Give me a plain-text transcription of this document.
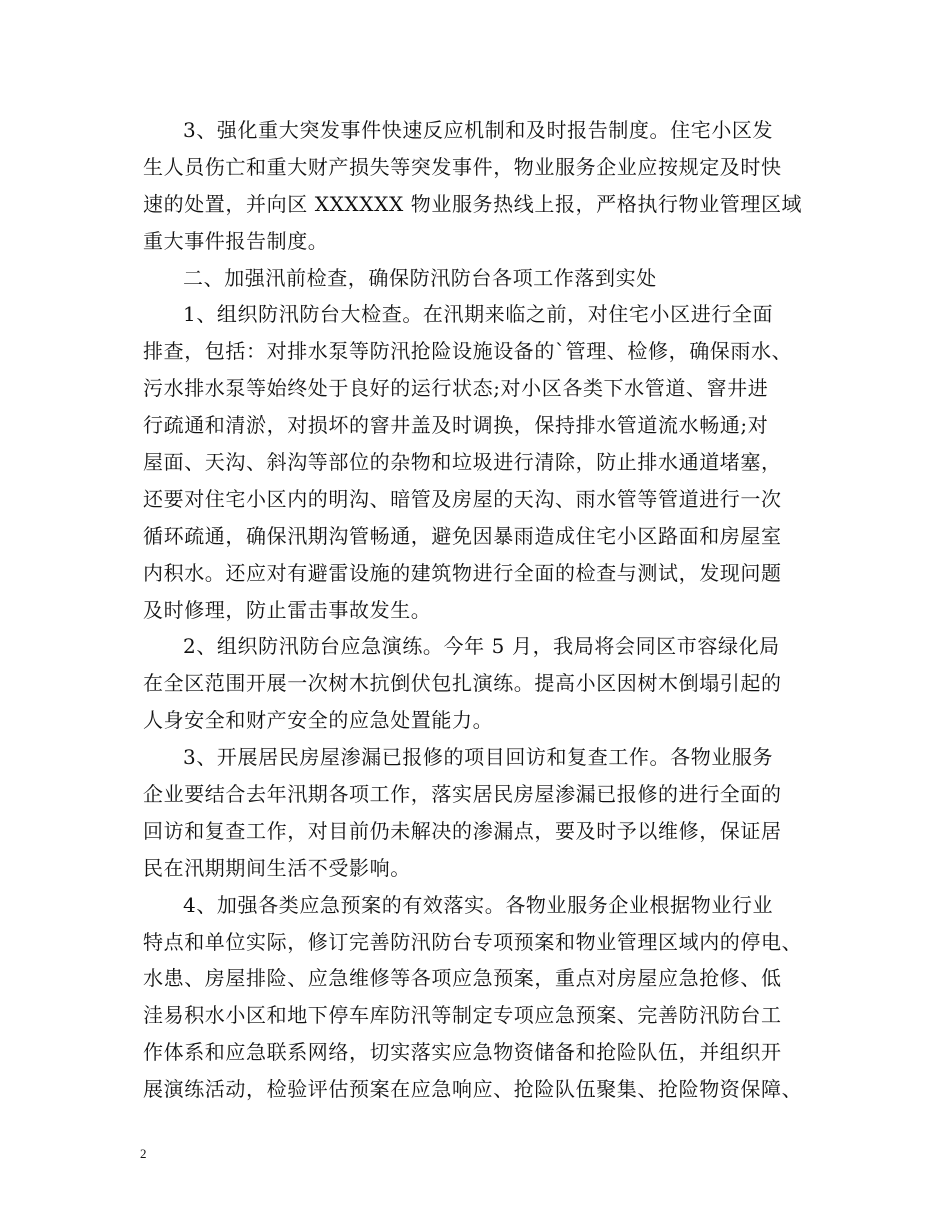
3、强化重大突发事件快速反应机制和及时报告制度。住宅小区发
生人员伤亡和重大财产损失等突发事件，物业服务企业应按规定及时快
速的处置，并向区 XXXXXX 物业服务热线上报，严格执行物业管理区域
重大事件报告制度。
二、加强汛前检查，确保防汛防台各项工作落到实处
1、组织防汛防台大检查。在汛期来临之前，对住宅小区进行全面
排查，包括：对排水泵等防汛抢险设施设备的`管理、检修，确保雨水、
污水排水泵等始终处于良好的运行状态;对小区各类下水管道、窨井进
行疏通和清淤，对损坏的窨井盖及时调换，保持排水管道流水畅通;对
屋面、天沟、斜沟等部位的杂物和垃圾进行清除，防止排水通道堵塞，
还要对住宅小区内的明沟、暗管及房屋的天沟、雨水管等管道进行一次
循环疏通，确保汛期沟管畅通，避免因暴雨造成住宅小区路面和房屋室
内积水。还应对有避雷设施的建筑物进行全面的检查与测试，发现问题
及时修理，防止雷击事故发生。
2、组织防汛防台应急演练。今年 5 月，我局将会同区市容绿化局
在全区范围开展一次树木抗倒伏包扎演练。提高小区因树木倒塌引起的
人身安全和财产安全的应急处置能力。
3、开展居民房屋渗漏已报修的项目回访和复查工作。各物业服务
企业要结合去年汛期各项工作，落实居民房屋渗漏已报修的进行全面的
回访和复查工作，对目前仍未解决的渗漏点，要及时予以维修，保证居
民在汛期期间生活不受影响。
4、加强各类应急预案的有效落实。各物业服务企业根据物业行业
特点和单位实际，修订完善防汛防台专项预案和物业管理区域内的停电、
水患、房屋排险、应急维修等各项应急预案，重点对房屋应急抢修、低
洼易积水小区和地下停车库防汛等制定专项应急预案、完善防汛防台工
作体系和应急联系网络，切实落实应急物资储备和抢险队伍，并组织开
展演练活动，检验评估预案在应急响应、抢险队伍聚集、抢险物资保障、
2
